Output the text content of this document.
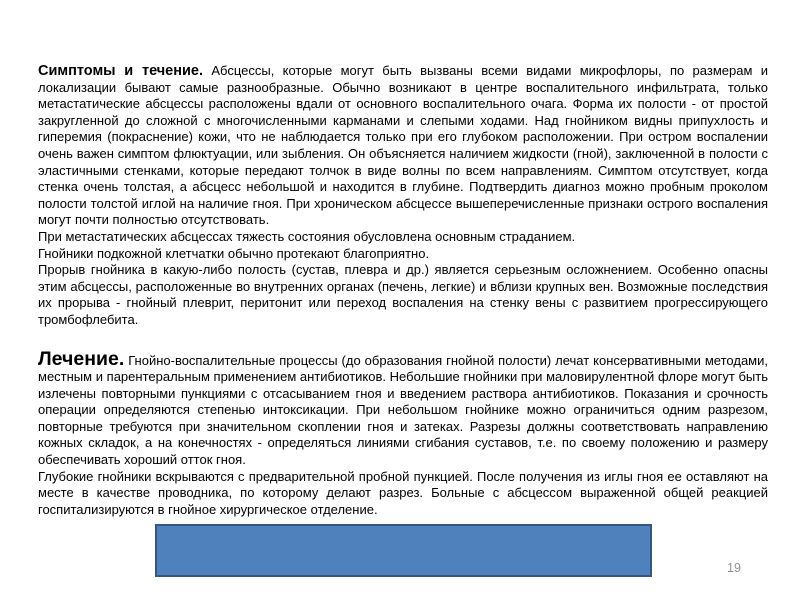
Симптомы и течение. Абсцессы, которые могут быть вызваны всеми видами микрофлоры, по размерам и локализации бывают самые разнообразные. Обычно возникают в центре воспалительного инфильтрата, только метастатические абсцессы расположены вдали от основного воспалительного очага. Форма их полости - от простой закругленной до сложной с многочисленными карманами и слепыми ходами. Над гнойником видны припухлость и гиперемия (покраснение) кожи, что не наблюдается только при его глубоком расположении. При остром воспалении очень важен симптом флюктуации, или зыбления. Он объясняется наличием жидкости (гной), заключенной в полости с эластичными стенками, которые передают толчок в виде волны по всем направлениям. Симптом отсутствует, когда стенка очень толстая, а абсцесс небольшой и находится в глубине. Подтвердить диагноз можно пробным проколом полости толстой иглой на наличие гноя. При хроническом абсцессе вышеперечисленные признаки острого воспаления могут почти полностью отсутствовать.

При метастатических абсцессах тяжесть состояния обусловлена основным страданием.

Гнойники подкожной клетчатки обычно протекают благоприятно.

Прорыв гнойника в какую-либо полость (сустав, плевра и др.) является серьезным осложнением. Особенно опасны этим абсцессы, расположенные во внутренних органах (печень, легкие) и вблизи крупных вен. Возможные последствия их прорыва - гнойный плеврит, перитонит или переход воспаления на стенку вены с развитием прогрессирующего тромбофлебита.

Лечение. Гнойно-воспалительные процессы (до образования гнойной полости) лечат консервативными методами, местным и парентеральным применением антибиотиков. Небольшие гнойники при маловирулентной флоре могут быть излечены повторными пункциями с отсасыванием гноя и введением раствора антибиотиков. Показания и срочность операции определяются степенью интоксикации. При небольшом гнойнике можно ограничиться одним разрезом, повторные требуются при значительном скоплении гноя и затеках. Разрезы должны соответствовать направлению кожных складок, а на конечностях - определяться линиями сгибания суставов, т.е. по своему положению и размеру обеспечивать хороший отток гноя.

Глубокие гнойники вскрываются с предварительной пробной пункцией. После получения из иглы гноя ее оставляют на месте в качестве проводника, по которому делают разрез. Больные с абсцессом выраженной общей реакцией госпитализируются в гнойное хирургическое отделение.

19
